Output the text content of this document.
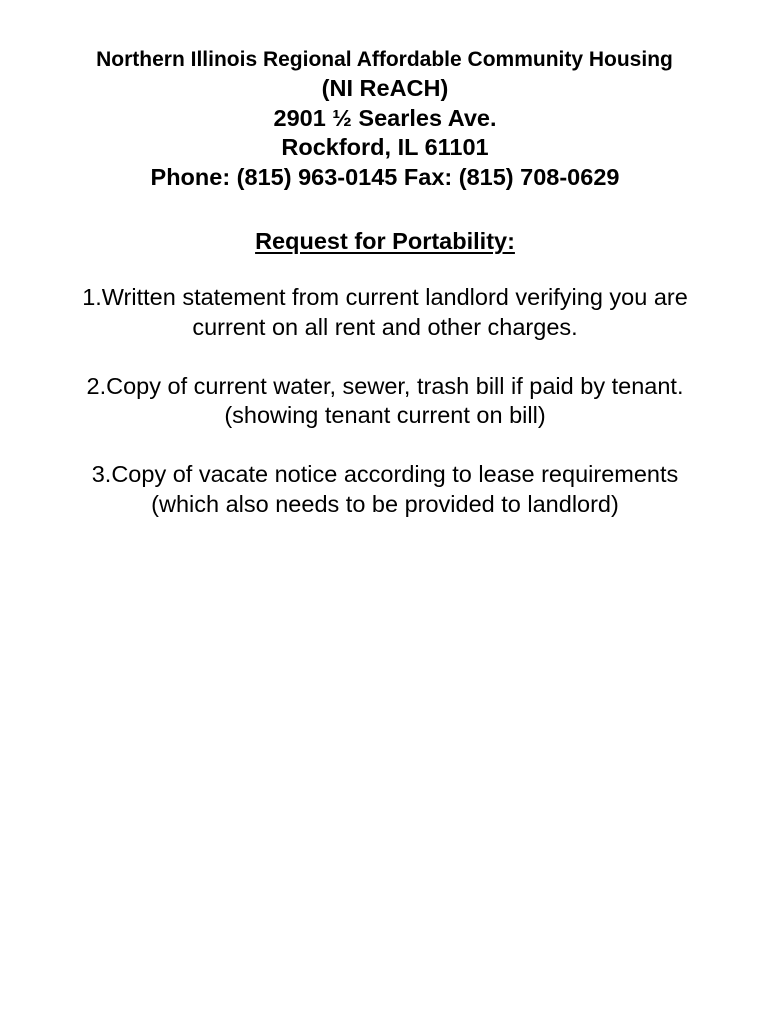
Northern Illinois Regional Affordable Community Housing
(NI ReACH)
2901 ½ Searles Ave.
Rockford, IL 61101
Phone: (815) 963-0145 Fax: (815) 708-0629
Request for Portability:
1.Written statement from current landlord verifying you are
current on all rent and other charges.
2.Copy of current water, sewer, trash bill if paid by tenant.
(showing tenant current on bill)
3.Copy of vacate notice according to lease requirements
(which also needs to be provided to landlord)
